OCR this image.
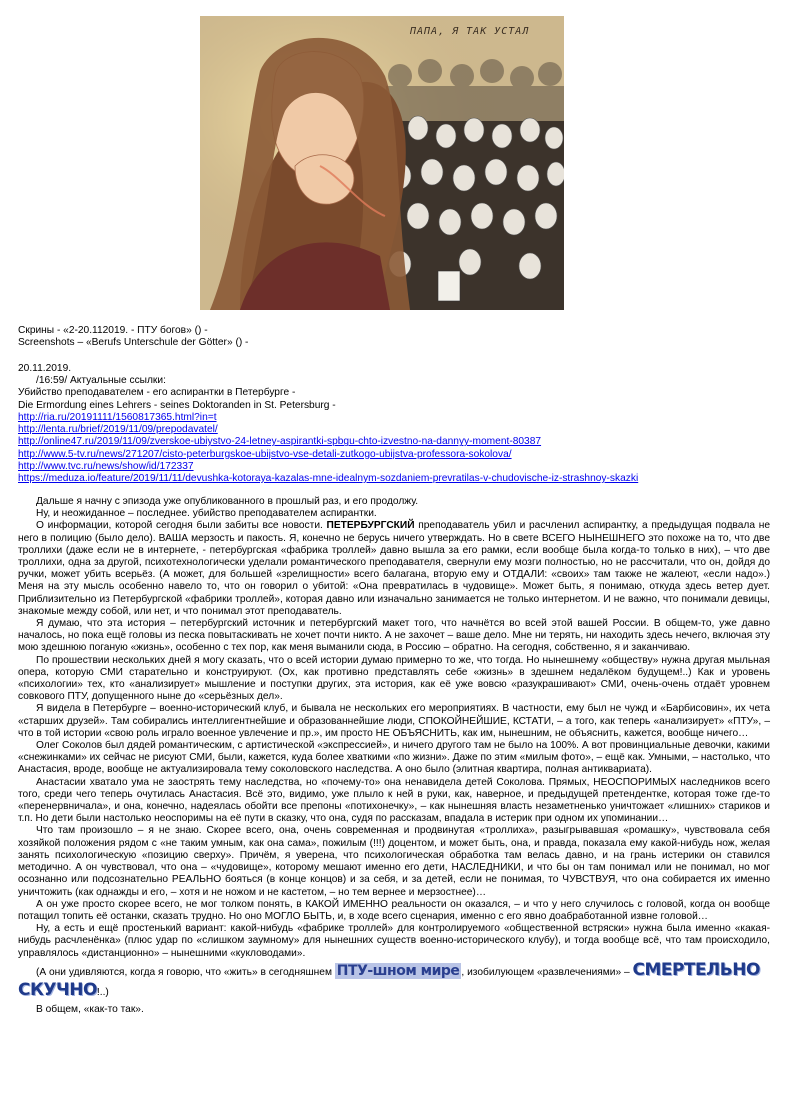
ПАПА, Я ТАК УСТАЛ
Скрины - «2-20.112019. - ПТУ богов» () -
Screenshots – «Berufs Unterschule der Götter» () -
20.11.2019.
/16:59/ Актуальные ссылки:
Убийство преподавателем - его аспирантки в Петербурге -
Die Ermordung eines Lehrers - seines Doktoranden in St. Petersburg -
http://ria.ru/20191111/1560817365.html?in=t
http://lenta.ru/brief/2019/11/09/prepodavatel/
http://online47.ru/2019/11/09/zverskoe-ubiystvo-24-letney-aspirantki-spbgu-chto-izvestno-na-dannyy-moment-80387
http://www.5-tv.ru/news/271207/cisto-peterburgskoe-ubijstvo-vse-detali-zutkogo-ubijstva-professora-sokolova/
http://www.tvc.ru/news/show/id/172337
https://meduza.io/feature/2019/11/11/devushka-kotoraya-kazalas-mne-idealnym-sozdaniem-prevratilas-v-chudovische-iz-strashnoy-skazki

Дальше я начну с эпизода уже опубликованного в прошлый раз, и его продолжу.

Ну, и неожиданное – последнее. убийство преподавателем аспирантки.

О информации, которой сегодня были забиты все новости. ПЕТЕРБУРГСКИЙ преподаватель убил и расчленил аспирантку, а предыдущая подвала не него в полицию (было дело). ВАША мерзость и пакость. Я, конечно не берусь ничего утверждать. Но в свете ВСЕГО НЫНЕШНЕГО это похоже на то, что две троллихи (даже если не в интернете, - петербургская «фабрика троллей» давно вышла за его рамки, если вообще была когда-то только в них), – что две троллихи, одна за другой, психотехнологически уделали романтического преподавателя, свернули ему мозги полностью, но не рассчитали, что он, дойдя до ручки, может убить всерьёз. (А может, для большей «зрелищности» всего балагана, вторую ему и ОТДАЛИ: «своих» там также не жалеют, «если надо».) Меня на эту мысль особенно навело то, что он говорил о убитой: «Она превратилась в чудовище». Может быть, я понимаю, откуда здесь ветер дует. Приблизительно из Петербургской «фабрики троллей», которая давно или изначально занимается не только интернетом. И не важно, что понимали девицы, знакомые между собой, или нет, и что понимал этот преподаватель.

Я думаю, что эта история – петербургский источник и петербургский макет того, что начнётся во всей этой вашей России. В общем-то, уже давно началось, но пока ещё головы из песка повытаскивать не хочет почти никто. А не захочет – ваше дело. Мне ни терять, ни находить здесь нечего, включая эту мою здешнюю поганую «жизнь», особенно с тех пор, как меня выманили сюда, в Россию – обратно. На сегодня, собственно, я и заканчиваю.

По прошествии нескольких дней я могу сказать, что о всей истории думаю примерно то же, что тогда. Но нынешнему «обществу» нужна другая мыльная опера, которую СМИ старательно и конструируют. (Ох, как противно представлять себе «жизнь» в здешнем недалёком будущем!..) Как и уровень «психологии» тех, кто «анализирует» мышление и поступки других, эта история, как её уже вовсю «разукрашивают» СМИ, очень-очень отдаёт уровнем совкового ПТУ, допущенного ныне до «серьёзных дел».

Я видела в Петербурге – военно-исторический клуб, и бывала не нескольких его мероприятиях. В частности, ему был не чужд и «Барбисовин», их чета «старших друзей». Там собирались интеллигентнейшие и образованнейшие люди, СПОКОЙНЕЙШИЕ, КСТАТИ, – а того, как теперь «анализирует» «ПТУ», – что в той истории «свою роль играло военное увлечение и пр.», им просто НЕ ОБЪЯСНИТЬ, как им, нынешним, не объяснить, кажется, вообще ничего…

Олег Соколов был дядей романтическим, с артистической «экспрессией», и ничего другого там не было на 100%. А вот провинциальные девочки, какими «снежинками» их сейчас не рисуют СМИ, были, кажется, куда более хваткими «по жизни». Даже по этим «милым фото», – ещё как. Умными, – настолько, что Анастасия, вроде, вообще не актуализировала тему соколовского наследства. А оно было (элитная квартира, полная антиквариата).

Анастасии хватало ума не заострять тему наследства, но «почему-то» она ненавидела детей Соколова. Прямых, НЕОСПОРИМЫХ наследников всего того, среди чего теперь очутилась Анастасия. Всё это, видимо, уже плыло к ней в руки, как, наверное, и предыдущей претендентке, которая тоже где-то «перенервничала», и она, конечно, надеялась обойти все препоны «потихонечку», – как нынешняя власть незаметненько уничтожает «лишних» стариков и т.п. Но дети были настолько неоспоримы на её пути в сказку, что она, судя по рассказам, впадала в истерик при одном их упоминании…

Что там произошло – я не знаю. Скорее всего, она, очень современная и продвинутая «троллиха», разыгрывавшая «ромашку», чувствовала себя хозяйкой положения рядом с «не таким умным, как она сама», пожилым (!!!) доцентом, и может быть, она, и правда, показала ему какой-нибудь нож, желая занять психологическую «позицию сверху». Причём, я уверена, что психологическая обработка там велась давно, и на грань истерики он ставился методично. А он чувствовал, что она – «чудовище», которому мешают именно его дети, НАСЛЕДНИКИ, и что бы он там понимал или не понимал, но мог осознанно или подсознательно РЕАЛЬНО бояться (в конце концов) и за себя, и за детей, если не понимая, то ЧУВСТВУЯ, что она собирается их именно уничтожить (как однажды и его, – хотя и не ножом и не кастетом, – но тем вернее и мерзостнее)…

А он уже просто скорее всего, не мог толком понять, в КАКОЙ ИМЕННО реальности он оказался, – и что у него случилось с головой, когда он вообще потащил топить её останки, сказать трудно. Но оно МОГЛО БЫТЬ, и, в ходе всего сценария, именно с его явно доабработанной извне головой…

Ну, а есть и ещё простенький вариант: какой-нибудь «фабрике троллей» для контролируемого «общественной встряски» нужна была именно «какая-нибудь расчленёнка» (плюс удар по «слишком заумному» для нынешних существ военно-исторического клубу), и тогда вообще всё, что там происходило, управлялось «дистанционно» – нынешними «кукловодами».

(А они удивляются, когда я говорю, что «жить» в сегодняшнем ПТУ-шном мире , изобилующем «развлечениями» – СМЕРТЕЛЬНО

СКУЧНО!..)

В общем, «как-то так».
